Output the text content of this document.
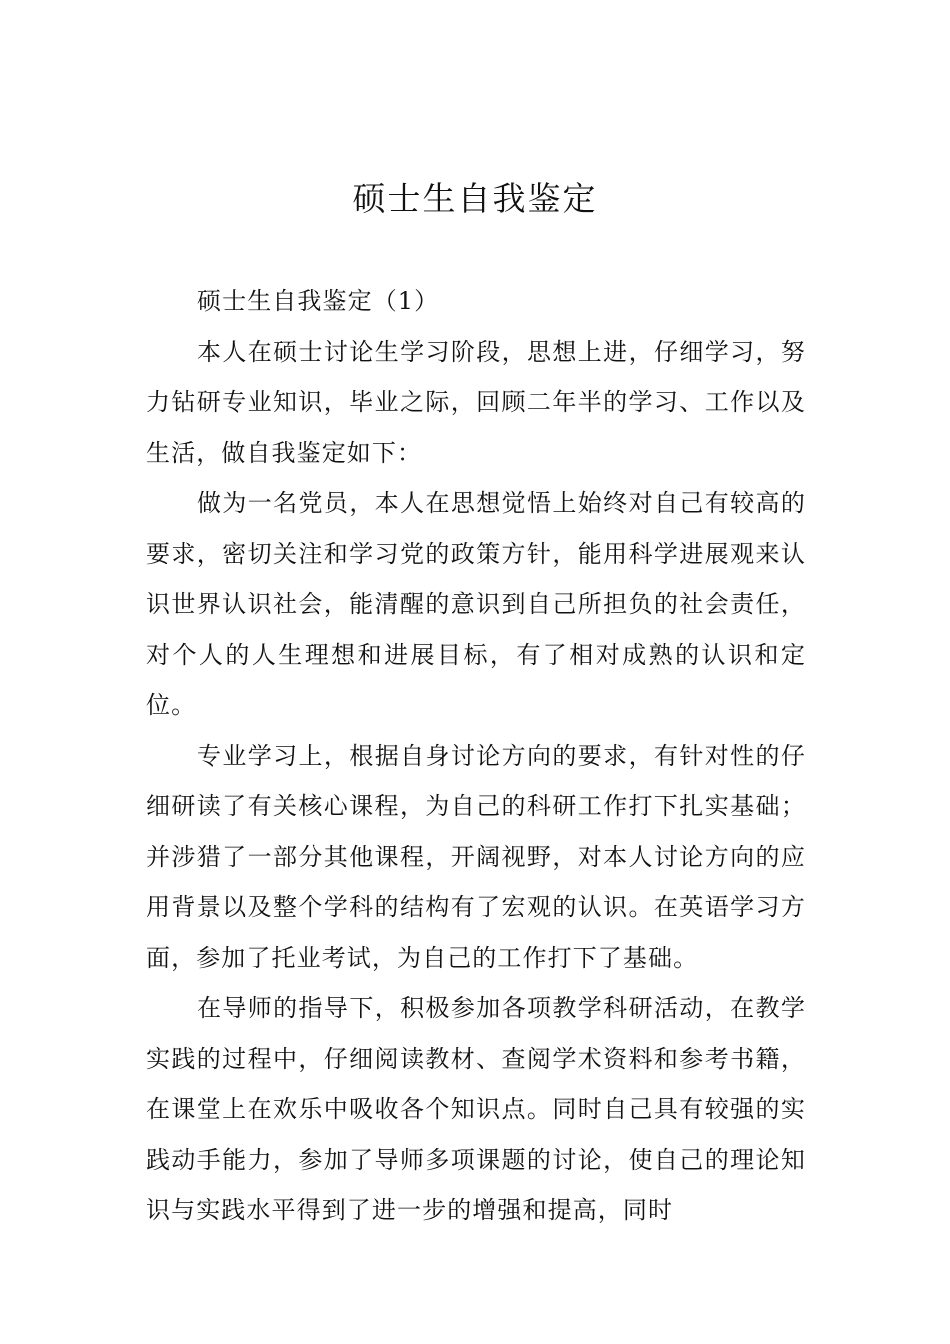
硕士生自我鉴定

硕士生自我鉴定（1）

本人在硕士讨论生学习阶段，思想上进，仔细学习，努力钻研专业知识，毕业之际，回顾二年半的学习、工作以及生活，做自我鉴定如下：

做为一名党员，本人在思想觉悟上始终对自己有较高的要求，密切关注和学习党的政策方针，能用科学进展观来认识世界认识社会，能清醒的意识到自己所担负的社会责任，对个人的人生理想和进展目标，有了相对成熟的认识和定位。

专业学习上，根据自身讨论方向的要求，有针对性的仔细研读了有关核心课程，为自己的科研工作打下扎实基础；并涉猎了一部分其他课程，开阔视野，对本人讨论方向的应用背景以及整个学科的结构有了宏观的认识。在英语学习方面，参加了托业考试，为自己的工作打下了基础。

在导师的指导下，积极参加各项教学科研活动，在教学实践的过程中，仔细阅读教材、查阅学术资料和参考书籍，在课堂上在欢乐中吸收各个知识点。同时自己具有较强的实践动手能力，参加了导师多项课题的讨论，使自己的理论知识与实践水平得到了进一步的增强和提高，同时
